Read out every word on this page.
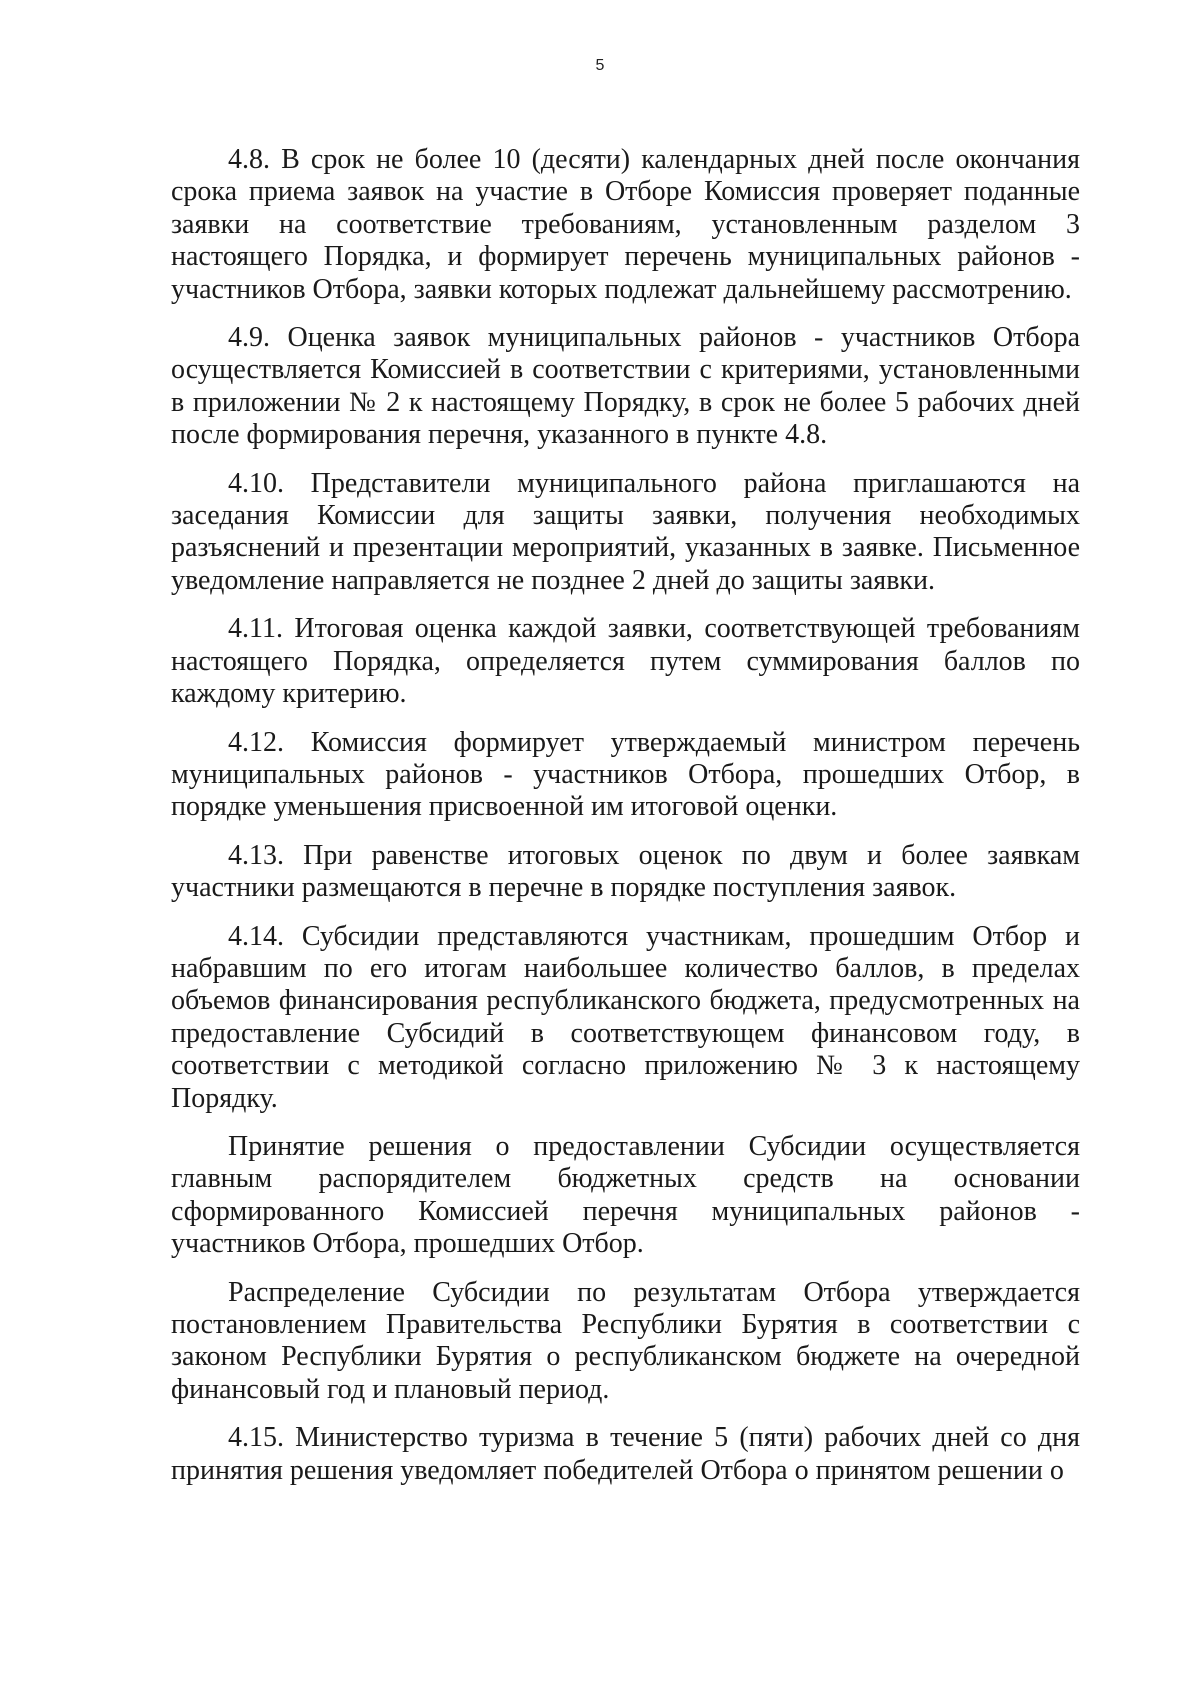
5

4.8. В срок не более 10 (десяти) календарных дней после окончания срока приема заявок на участие в Отборе Комиссия проверяет поданные заявки на соответствие требованиям, установленным разделом 3 настоящего Порядка, и формирует перечень муниципальных районов - участников Отбора, заявки которых подлежат дальнейшему рассмотрению.

4.9. Оценка заявок муниципальных районов - участников Отбора осуществляется Комиссией в соответствии с критериями, установленными в приложении № 2 к настоящему Порядку, в срок не более 5 рабочих дней после формирования перечня, указанного в пункте 4.8.

4.10. Представители муниципального района приглашаются на заседания Комиссии для защиты заявки, получения необходимых разъяснений и презентации мероприятий, указанных в заявке. Письменное уведомление направляется не позднее 2 дней до защиты заявки.

4.11. Итоговая оценка каждой заявки, соответствующей требованиям настоящего Порядка, определяется путем суммирования баллов по каждому критерию.

4.12. Комиссия формирует утверждаемый министром перечень муниципальных районов - участников Отбора, прошедших Отбор, в порядке уменьшения присвоенной им итоговой оценки.

4.13. При равенстве итоговых оценок по двум и более заявкам участники размещаются в перечне в порядке поступления заявок.

4.14. Субсидии представляются участникам, прошедшим Отбор и набравшим по его итогам наибольшее количество баллов, в пределах объемов финансирования республиканского бюджета, предусмотренных на предоставление Субсидий в соответствующем финансовом году, в соответствии с методикой согласно приложению № 3 к настоящему Порядку.

Принятие решения о предоставлении Субсидии осуществляется главным распорядителем бюджетных средств на основании сформированного Комиссией перечня муниципальных районов - участников Отбора, прошедших Отбор.

Распределение Субсидии по результатам Отбора утверждается постановлением Правительства Республики Бурятия в соответствии с законом Республики Бурятия о республиканском бюджете на очередной финансовый год и плановый период.

4.15. Министерство туризма в течение 5 (пяти) рабочих дней со дня принятия решения уведомляет победителей Отбора о принятом решении о
